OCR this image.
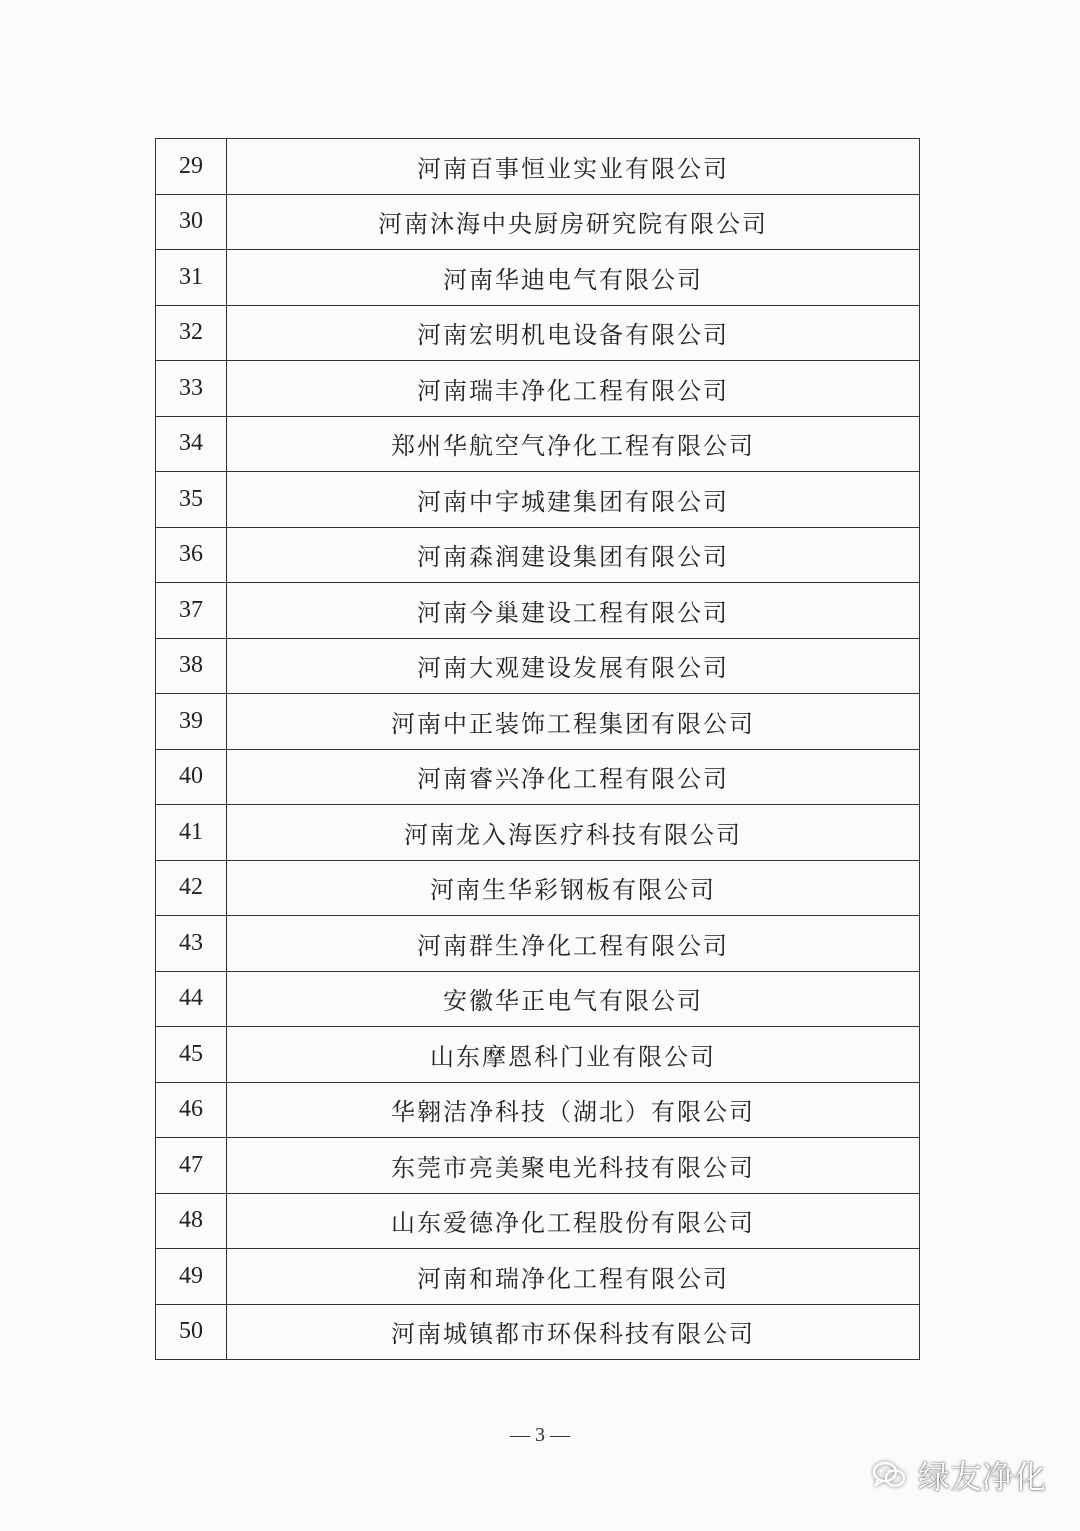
29	河南百事恒业实业有限公司
30	河南沐海中央厨房研究院有限公司
31	河南华迪电气有限公司
32	河南宏明机电设备有限公司
33	河南瑞丰净化工程有限公司
34	郑州华航空气净化工程有限公司
35	河南中宇城建集团有限公司
36	河南森润建设集团有限公司
37	河南今巢建设工程有限公司
38	河南大观建设发展有限公司
39	河南中正装饰工程集团有限公司
40	河南睿兴净化工程有限公司
41	河南龙入海医疗科技有限公司
42	河南生华彩钢板有限公司
43	河南群生净化工程有限公司
44	安徽华正电气有限公司
45	山东摩恩科门业有限公司
46	华翱洁净科技（湖北）有限公司
47	东莞市亮美聚电光科技有限公司
48	山东爱德净化工程股份有限公司
49	河南和瑞净化工程有限公司
50	河南城镇都市环保科技有限公司
— 3 —
绿友净化
